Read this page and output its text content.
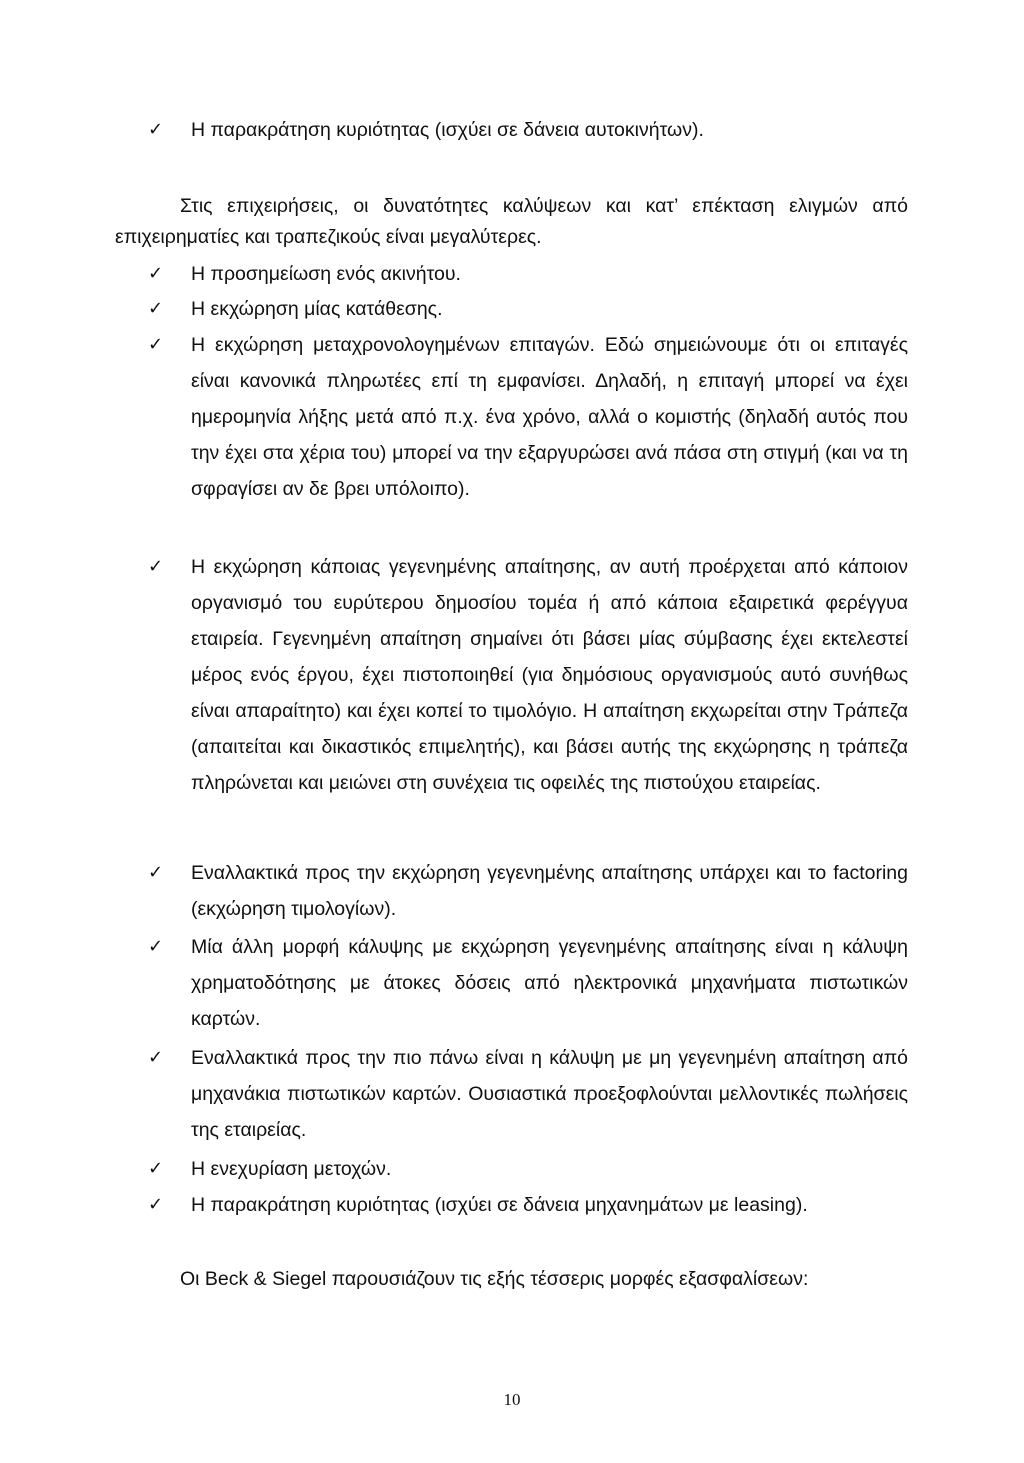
✓ Η παρακράτηση κυριότητας (ισχύει σε δάνεια αυτοκινήτων).
Στις επιχειρήσεις, οι δυνατότητες καλύψεων και κατ’ επέκταση ελιγμών από επιχειρηματίες και τραπεζικούς είναι μεγαλύτερες.
✓ Η προσημείωση ενός ακινήτου.
✓ Η εκχώρηση μίας κατάθεσης.
✓ Η εκχώρηση μεταχρονολογημένων επιταγών. Εδώ σημειώνουμε ότι οι επιταγές είναι κανονικά πληρωτέες επί τη εμφανίσει. Δηλαδή, η επιταγή μπορεί να έχει ημερομηνία λήξης μετά από π.χ. ένα χρόνο, αλλά ο κομιστής (δηλαδή αυτός που την έχει στα χέρια του) μπορεί να την εξαργυρώσει ανά πάσα στη στιγμή (και να τη σφραγίσει αν δε βρει υπόλοιπο).
✓ Η εκχώρηση κάποιας γεγενημένης απαίτησης, αν αυτή προέρχεται από κάποιον οργανισμό του ευρύτερου δημοσίου τομέα ή από κάποια εξαιρετικά φερέγγυα εταιρεία. Γεγενημένη απαίτηση σημαίνει ότι βάσει μίας σύμβασης έχει εκτελεστεί μέρος ενός έργου, έχει πιστοποιηθεί (για δημόσιους οργανισμούς αυτό συνήθως είναι απαραίτητο) και έχει κοπεί το τιμολόγιο. Η απαίτηση εκχωρείται στην Τράπεζα (απαιτείται και δικαστικός επιμελητής), και βάσει αυτής της εκχώρησης η τράπεζα πληρώνεται και μειώνει στη συνέχεια τις οφειλές της πιστούχου εταιρείας.
✓ Εναλλακτικά προς την εκχώρηση γεγενημένης απαίτησης υπάρχει και το factoring (εκχώρηση τιμολογίων).
✓ Μία άλλη μορφή κάλυψης με εκχώρηση γεγενημένης απαίτησης είναι η κάλυψη χρηματοδότησης με άτοκες δόσεις από ηλεκτρονικά μηχανήματα πιστωτικών καρτών.
✓ Εναλλακτικά προς την πιο πάνω είναι η κάλυψη με μη γεγενημένη απαίτηση από μηχανάκια πιστωτικών καρτών. Ουσιαστικά προεξοφλούνται μελλοντικές πωλήσεις της εταιρείας.
✓ Η ενεχυρίαση μετοχών.
✓ Η παρακράτηση κυριότητας (ισχύει σε δάνεια μηχανημάτων με leasing).
Οι Beck & Siegel παρουσιάζουν τις εξής τέσσερις μορφές εξασφαλίσεων:
10
